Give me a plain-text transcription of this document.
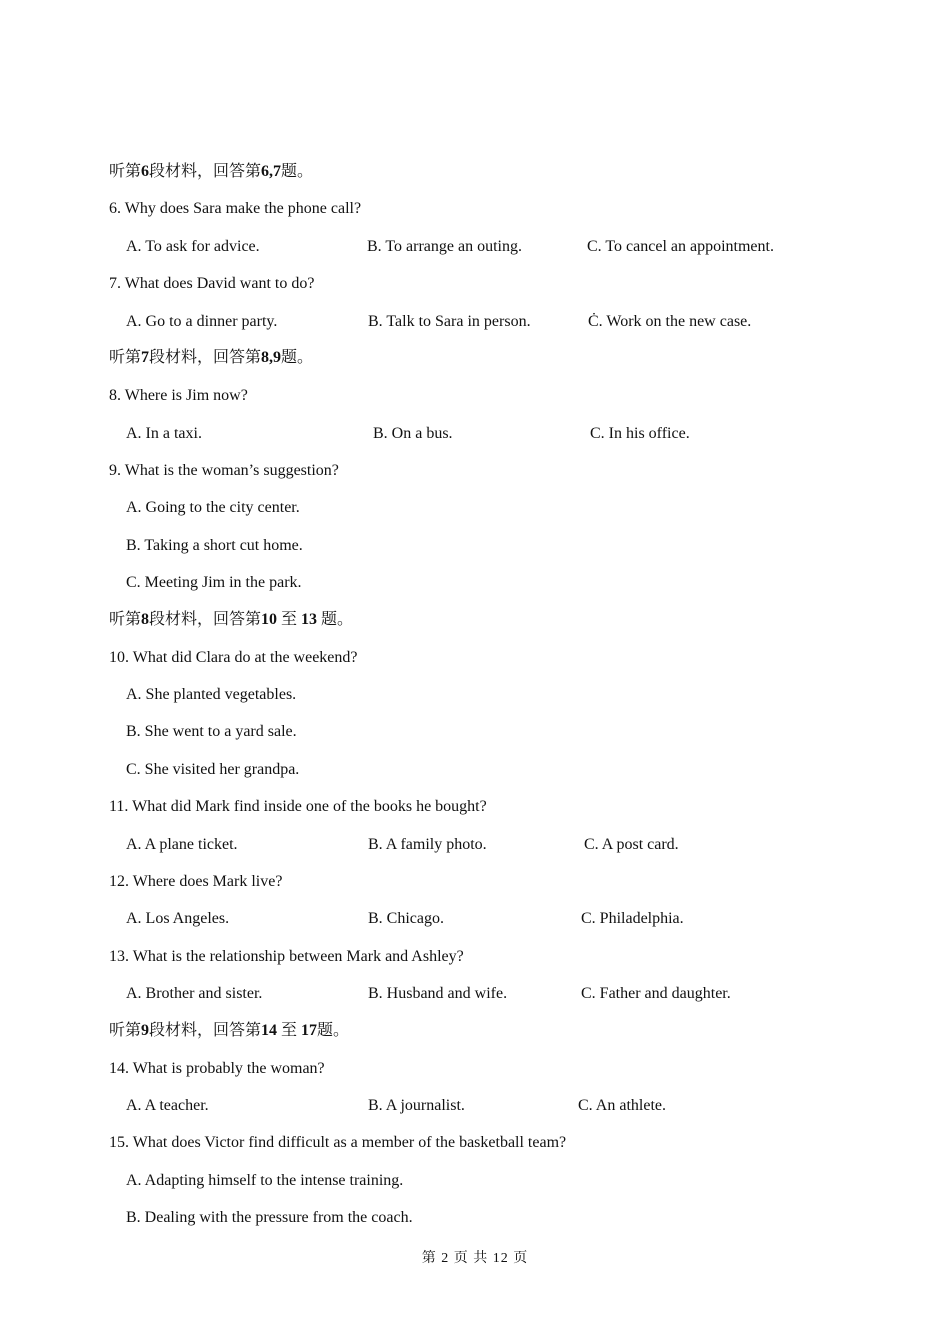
听第6段材料，回答第6,7题。
6. Why does Sara make the phone call?
A. To ask for advice.	B. To arrange an outing.	C. To cancel an appointment.
7. What does David want to do?
A. Go to a dinner party.	B. Talk to Sara in person.	Ċ. Work on the new case.
听第7段材料，回答第8,9题。
8. Where is Jim now?
A. In a taxi.	B. On a bus.	C. In his office.
9. What is the woman’s suggestion?
A. Going to the city center.
B. Taking a short cut home.
C. Meeting Jim in the park.
听第8段材料，回答第10 至 13 题。
10. What did Clara do at the weekend?
A. She planted vegetables.
B. She went to a yard sale.
C. She visited her grandpa.
11. What did Mark find inside one of the books he bought?
A. A plane ticket.	B. A family photo.	C. A post card.
12. Where does Mark live?
A. Los Angeles.	B. Chicago.	C. Philadelphia.
13. What is the relationship between Mark and Ashley?
A. Brother and sister.	B. Husband and wife.	C. Father and daughter.
听第9段材料，回答第14 至 17题。
14. What is probably the woman?
A. A teacher.	B. A journalist.	C. An athlete.
15. What does Victor find difficult as a member of the basketball team?
A. Adapting himself to the intense training.
B. Dealing with the pressure from the coach.
第 2 页 共 12 页
